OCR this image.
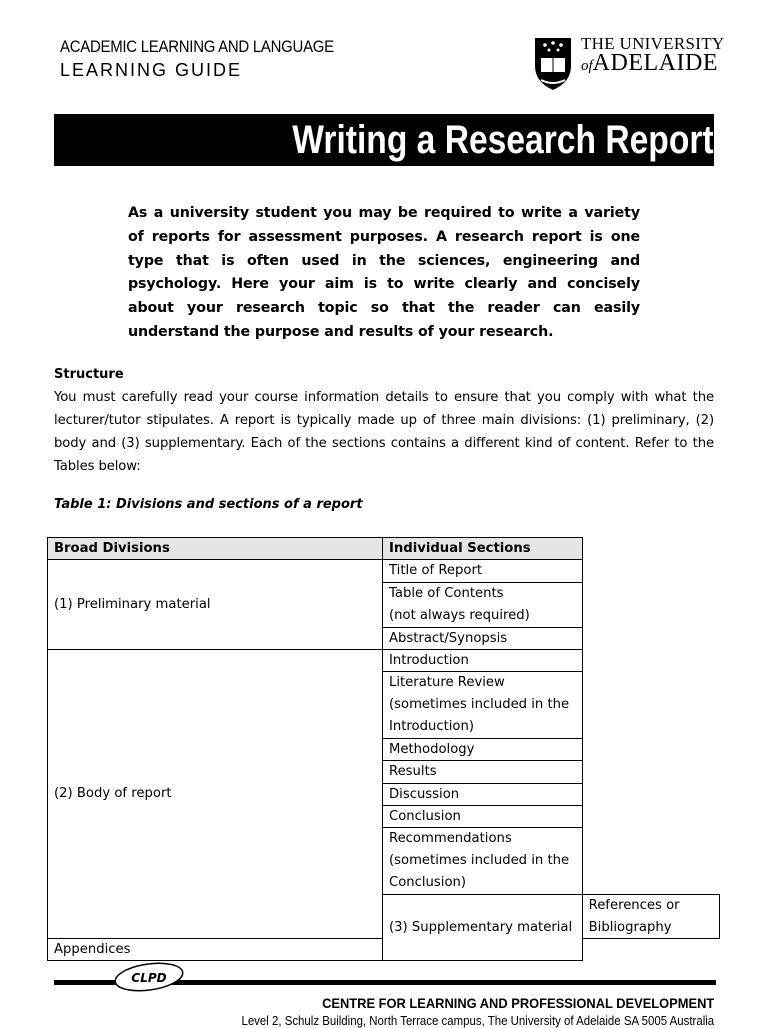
ACADEMIC LEARNING AND LANGUAGE
LEARNING GUIDE
THE UNIVERSITY
ofADELAIDE
Writing a Research Report
As a university student you may be required to write a variety of reports for assessment purposes. A research report is one type that is often used in the sciences, engineering and psychology. Here your aim is to write clearly and concisely about your research topic so that the reader can easily understand the purpose and results of your research.
Structure
You must carefully read your course information details to ensure that you comply with what the lecturer/tutor stipulates. A report is typically made up of three main divisions: (1) preliminary, (2) body and (3) supplementary. Each of the sections contains a different kind of content. Refer to the Tables below:
Table 1: Divisions and sections of a report
Broad Divisions	Individual Sections	
(1) Preliminary material	Title of Report	

	Table of Contents
(not always required)	

	Abstract/Synopsis	
(2) Body of report	Introduction	

	Literature Review
(sometimes included in the Introduction)	

	Methodology	
	Results	
	Discussion	
	Conclusion	

	Recommendations
(sometimes included in the Conclusion)	

	(3) Supplementary material	References or Bibliography
Appendices		
CLPD
CENTRE FOR LEARNING AND PROFESSIONAL DEVELOPMENT
Level 2, Schulz Building, North Terrace campus, The University of Adelaide SA 5005 Australia
